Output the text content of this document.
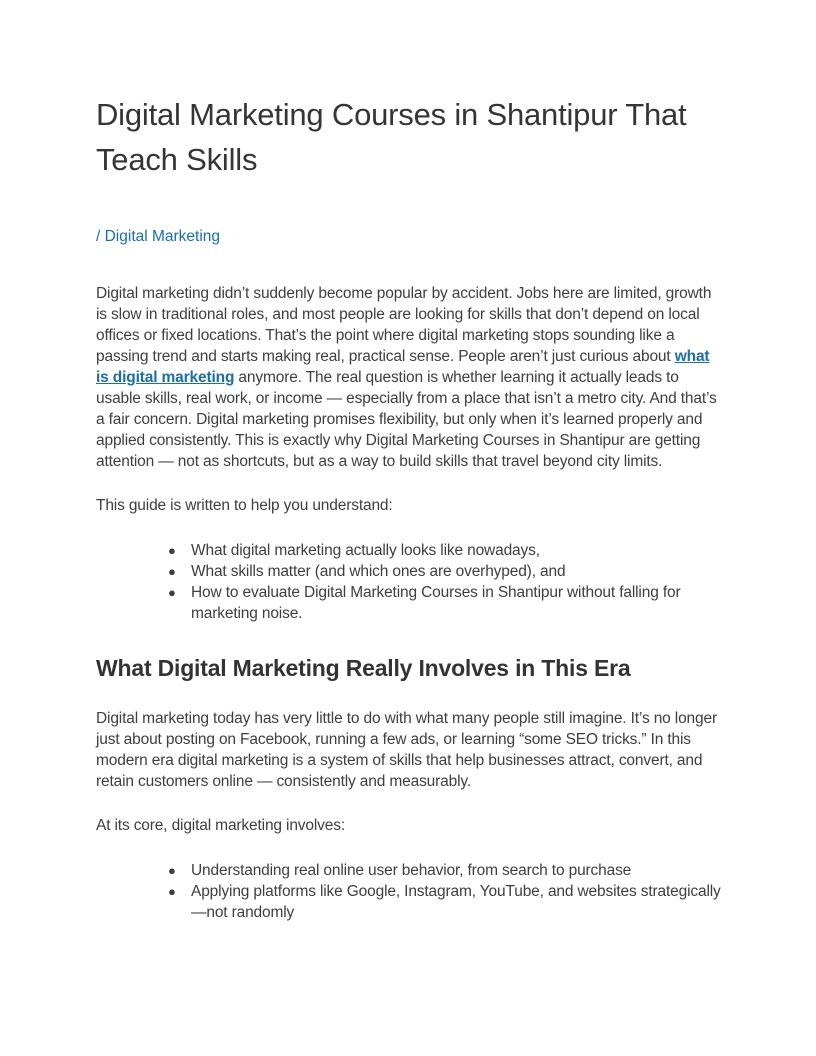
Digital Marketing Courses in Shantipur That Teach Skills
/ Digital Marketing

Digital marketing didn’t suddenly become popular by accident. Jobs here are limited, growth is slow in traditional roles, and most people are looking for skills that don’t depend on local offices or fixed locations. That’s the point where digital marketing stops sounding like a passing trend and starts making real, practical sense. People aren’t just curious about what is digital marketing anymore. The real question is whether learning it actually leads to usable skills, real work, or income — especially from a place that isn’t a metro city. And that’s a fair concern. Digital marketing promises flexibility, but only when it’s learned properly and applied consistently. This is exactly why Digital Marketing Courses in Shantipur are getting attention — not as shortcuts, but as a way to build skills that travel beyond city limits.

This guide is written to help you understand:

● What digital marketing actually looks like nowadays,
● What skills matter (and which ones are overhyped), and
● How to evaluate Digital Marketing Courses in Shantipur without falling for marketing noise.
What Digital Marketing Really Involves in This Era

Digital marketing today has very little to do with what many people still imagine. It’s no longer just about posting on Facebook, running a few ads, or learning “some SEO tricks.” In this modern era digital marketing is a system of skills that help businesses attract, convert, and retain customers online — consistently and measurably.

At its core, digital marketing involves:

● Understanding real online user behavior, from search to purchase
● Applying platforms like Google, Instagram, YouTube, and websites strategically—not randomly
